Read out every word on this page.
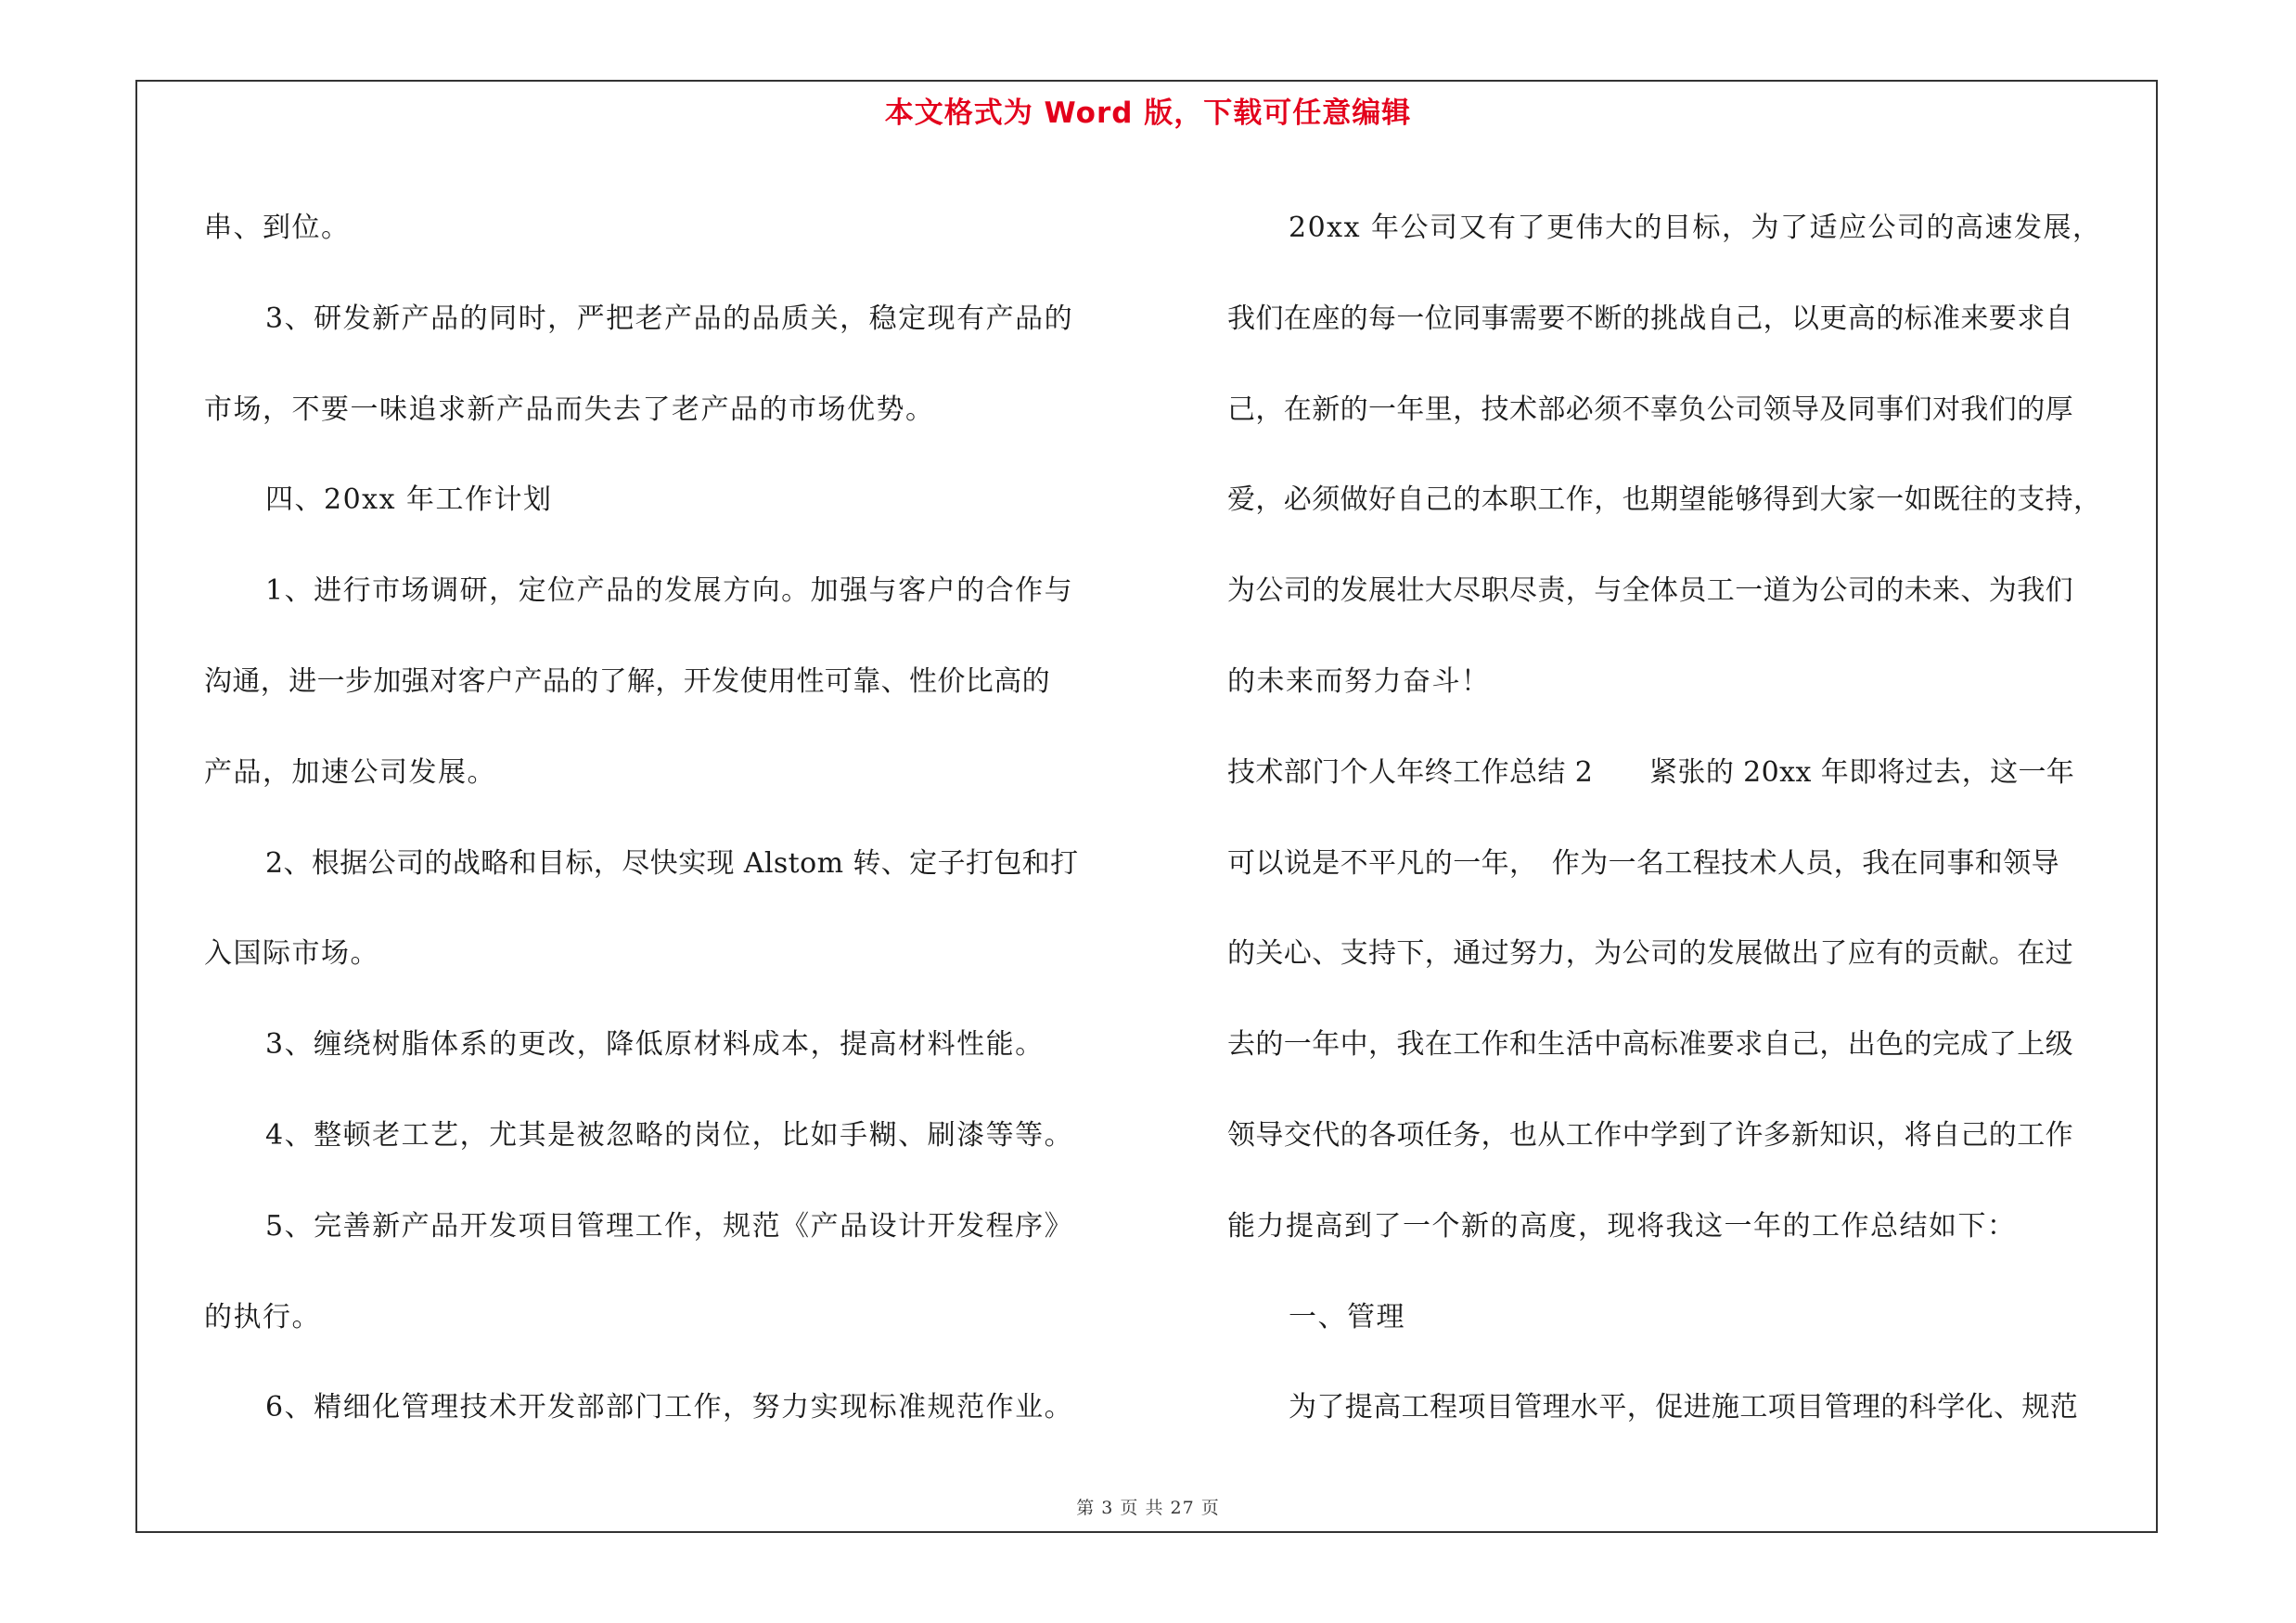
本文格式为 Word 版，下载可任意编辑
串、到位。
3、研发新产品的同时，严把老产品的品质关，稳定现有产品的
市场，不要一味追求新产品而失去了老产品的市场优势。
四、20xx 年工作计划
1、进行市场调研，定位产品的发展方向。加强与客户的合作与
沟通，进一步加强对客户产品的了解，开发使用性可靠、性价比高的
产品，加速公司发展。
2、根据公司的战略和目标，尽快实现 Alstom 转、定子打包和打
入国际市场。
3、缠绕树脂体系的更改，降低原材料成本，提高材料性能。
4、整顿老工艺，尤其是被忽略的岗位，比如手糊、刷漆等等。
5、完善新产品开发项目管理工作，规范《产品设计开发程序》
的执行。
6、精细化管理技术开发部部门工作，努力实现标准规范作业。
20xx 年公司又有了更伟大的目标，为了适应公司的高速发展，
我们在座的每一位同事需要不断的挑战自己，以更高的标准来要求自
己，在新的一年里，技术部必须不辜负公司领导及同事们对我们的厚
爱，必须做好自己的本职工作，也期望能够得到大家一如既往的支持，
为公司的发展壮大尽职尽责，与全体员工一道为公司的未来、为我们
的未来而努力奋斗！
技术部门个人年终工作总结 2　　紧张的 20xx 年即将过去，这一年
可以说是不平凡的一年，　作为一名工程技术人员，我在同事和领导
的关心、支持下，通过努力，为公司的发展做出了应有的贡献。在过
去的一年中，我在工作和生活中高标准要求自己，出色的完成了上级
领导交代的各项任务，也从工作中学到了许多新知识，将自己的工作
能力提高到了一个新的高度，现将我这一年的工作总结如下：
一、管理
为了提高工程项目管理水平，促进施工项目管理的科学化、规范
第 3 页 共 27 页
